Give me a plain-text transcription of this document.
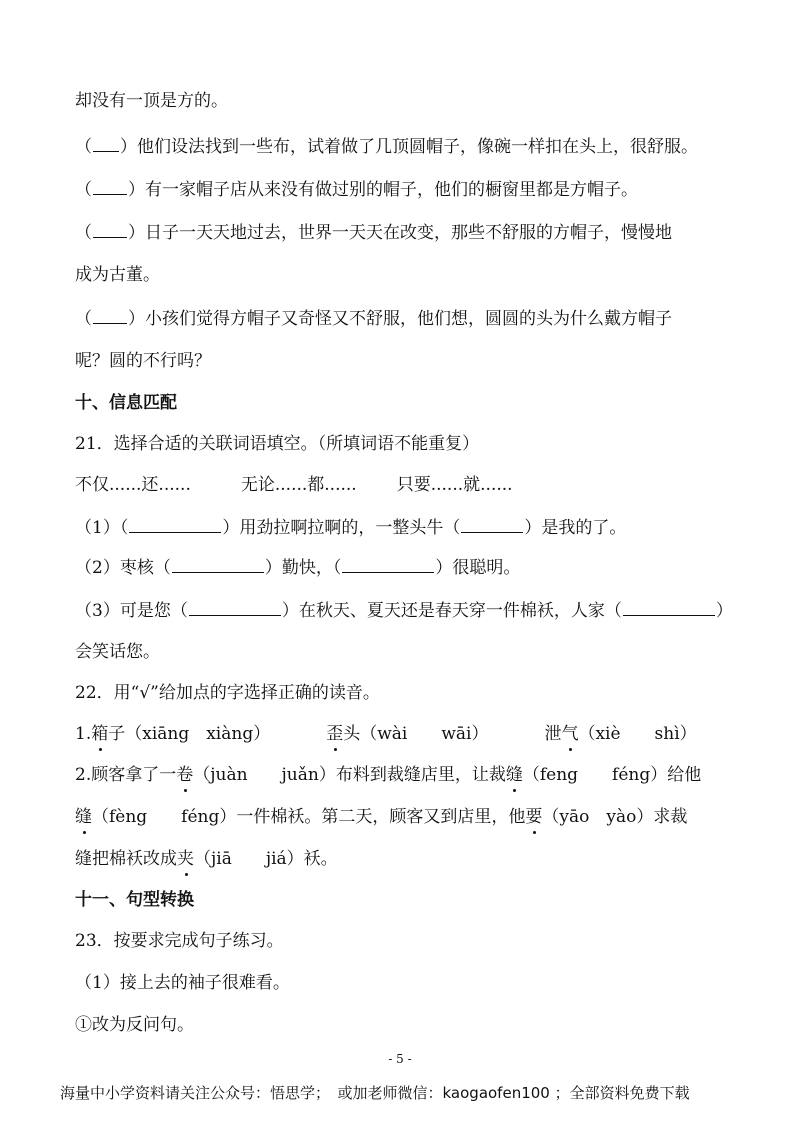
却没有一顶是方的。
（ ）他们设法找到一些布，试着做了几顶圆帽子，像碗一样扣在头上，很舒服。
（ ）有一家帽子店从来没有做过别的帽子，他们的橱窗里都是方帽子。
（ ）日子一天天地过去，世界一天天在改变，那些不舒服的方帽子，慢慢地
成为古董。
（ ）小孩们觉得方帽子又奇怪又不舒服，他们想，圆圆的头为什么戴方帽子
呢？圆的不行吗？
十、信息匹配
21．选择合适的关联词语填空。（所填词语不能重复）
不仅......还......	无论......都...... 只要......就......
（1）（	）用劲拉啊拉啊的，一整头牛（	）是我的了。
（2）枣核（	）勤快，（	）很聪明。
（3）可是您（	）在秋天、夏天还是春天穿一件棉袄，人家（	）
会笑话您。
22．用“√”给加点的字选择正确的读音。
1.箱子（xiāng　xiàng）	歪头（wài　　wāi）	泄气（xiè　　shì）
2.顾客拿了一卷（juàn　　juǎn）布料到裁缝店里，让裁缝（feng　　féng）给他
缝（fèng　　féng）一件棉袄。第二天，顾客又到店里，他要（yāo　yào）求裁
缝把棉袄改成夹（jiā　　jiá）袄。
十一、句型转换
23．按要求完成句子练习。
（1）接上去的袖子很难看。
①改为反问句。
- 5 -
海量中小学资料请关注公众号：悟思学；　或加老师微信：kaogaofen100 ；全部资料免费下载
